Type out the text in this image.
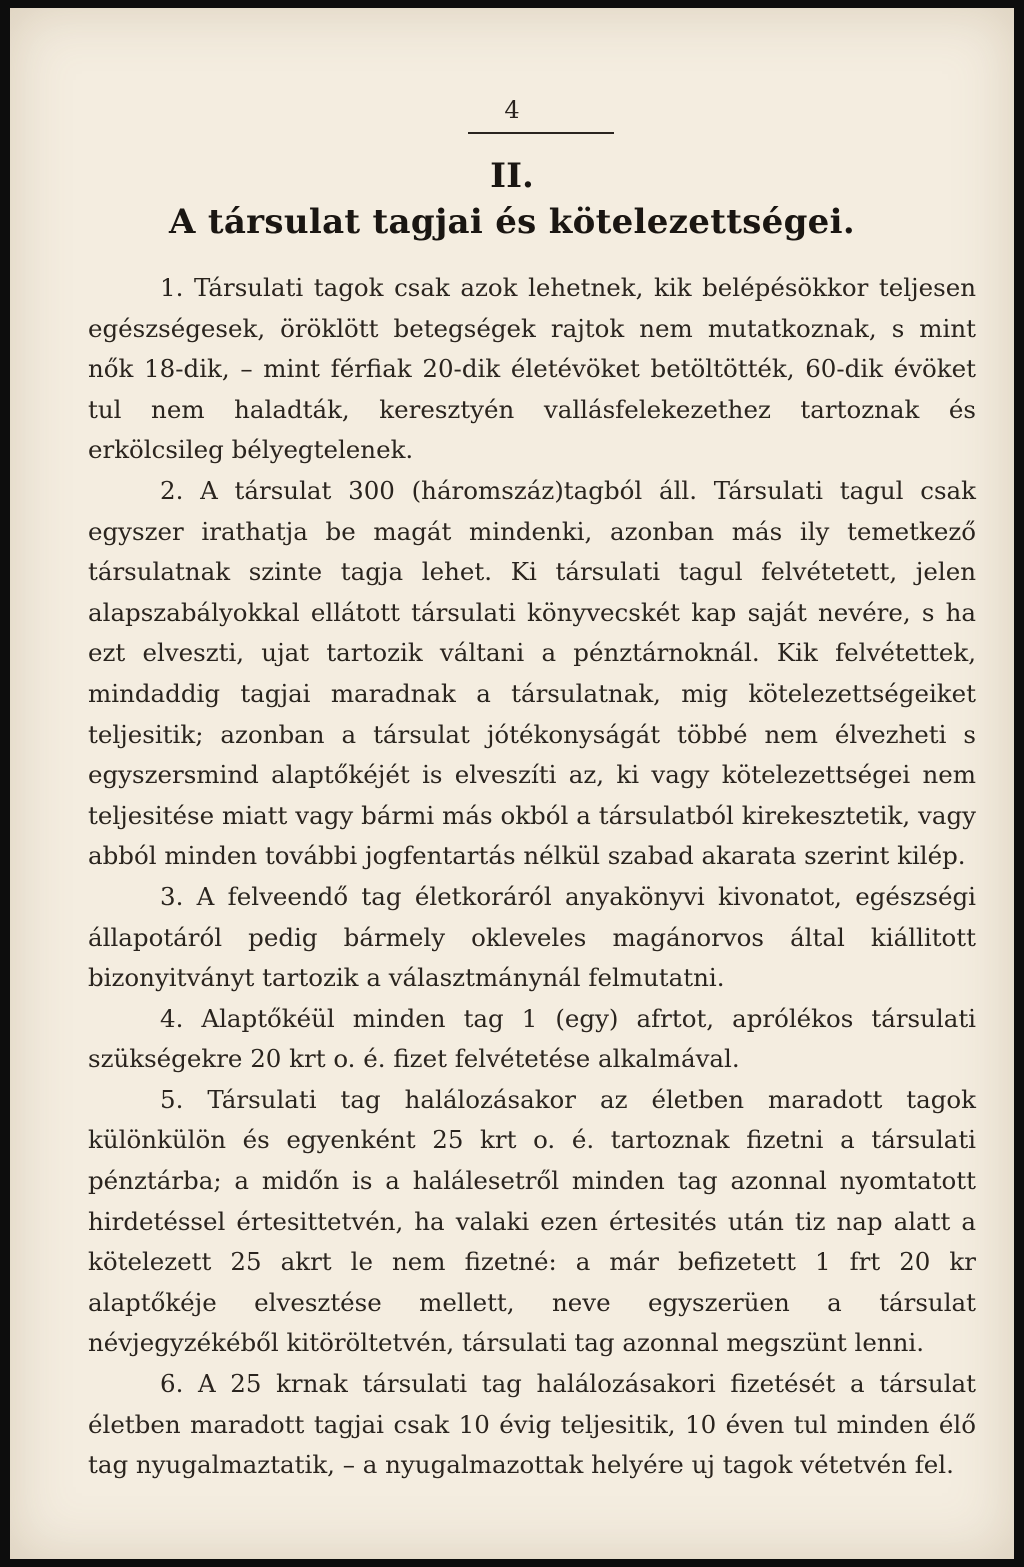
4
II.
A társulat tagjai és kötelezettségei.

1. Társulati tagok csak azok lehetnek, kik belépésökkor teljesen egészségesek, öröklött betegségek rajtok nem mutatkoznak, s mint nők 18-dik, – mint férfiak 20-dik életévöket betöltötték, 60-dik évöket tul nem haladták, keresztyén vallásfelekezethez tartoznak és erkölcsileg bélyegtelenek.

2. A társulat 300 (háromszáz)tagból áll. Társulati tagul csak egyszer irathatja be magát mindenki, azonban más ily temetkező társulatnak szinte tagja lehet. Ki társulati tagul felvétetett, jelen alapszabályokkal ellátott társulati könyvecskét kap saját nevére, s ha ezt elveszti, ujat tartozik váltani a pénztárnoknál. Kik felvétettek, mindaddig tagjai maradnak a társulatnak, mig kötelezettségeiket teljesitik; azonban a társulat jótékonyságát többé nem élvezheti s egyszersmind alaptőkéjét is elveszíti az, ki vagy kötelezettségei nem teljesitése miatt vagy bármi más okból a társulatból kirekesztetik, vagy abból minden további jogfentartás nélkül szabad akarata szerint kilép.

3. A felveendő tag életkoráról anyakönyvi kivonatot, egészségi állapotáról pedig bármely okleveles magánorvos által kiállitott bizonyitványt tartozik a választmánynál felmutatni.

4. Alaptőkéül minden tag 1 (egy) afrtot, aprólékos társulati szükségekre 20 krt o. é. fizet felvétetése alkalmával.

5. Társulati tag halálozásakor az életben maradott tagok különkülön és egyenként 25 krt o. é. tartoznak fizetni a társulati pénztárba; a midőn is a halálesetről minden tag azonnal nyomtatott hirdetéssel értesittetvén, ha valaki ezen értesités után tiz nap alatt a kötelezett 25 akrt le nem fizetné: a már befizetett 1 frt 20 kr alaptőkéje elvesztése mellett, neve egyszerüen a társulat névjegyzékéből kitöröltetvén, társulati tag azonnal megszünt lenni.

6. A 25 krnak társulati tag halálozásakori fizetését a társulat életben maradott tagjai csak 10 évig teljesitik, 10 éven tul minden élő tag nyugalmaztatik, – a nyugalmazottak helyére uj tagok vétetvén fel.
